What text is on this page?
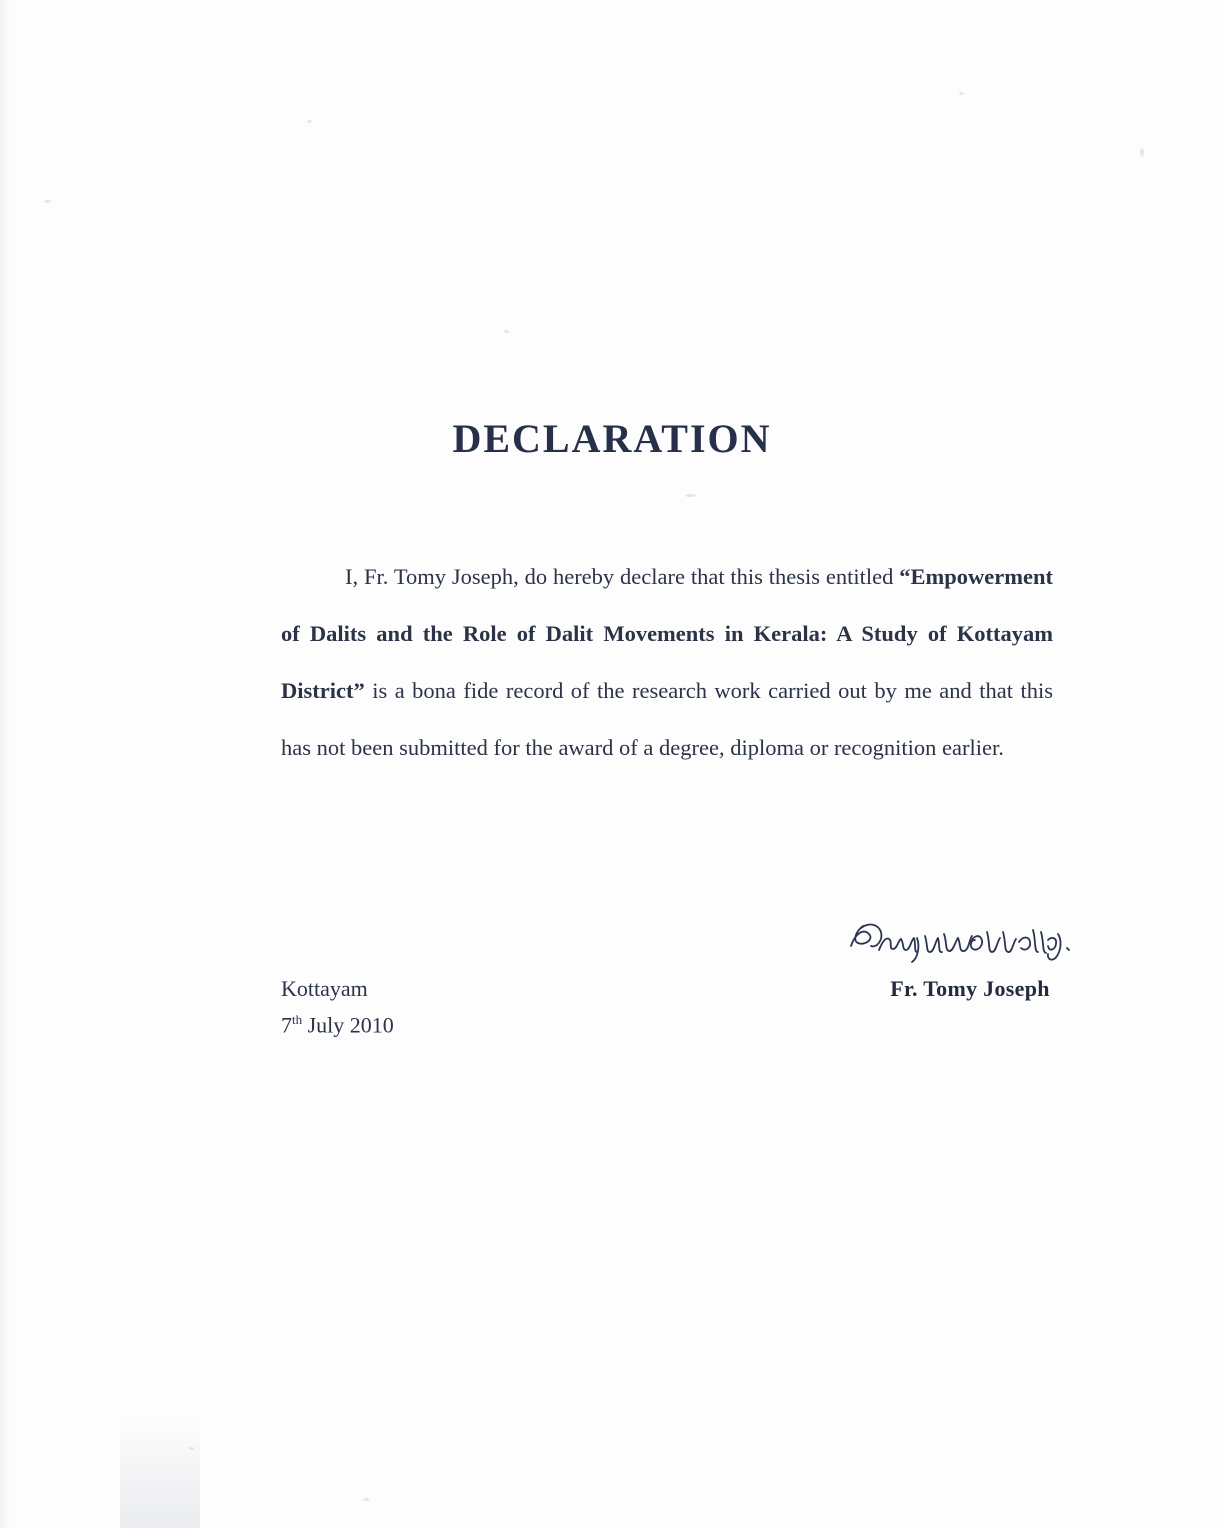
DECLARATION

I, Fr. Tomy Joseph, do hereby declare that this thesis entitled “Empowerment of Dalits and the Role of Dalit Movements in Kerala: A Study of Kottayam District” is a bona fide record of the research work carried out by me and that this has not been submitted for the award of a degree, diploma or recognition earlier.

Fr. Tomy Joseph
Kottayam
7th July 2010
